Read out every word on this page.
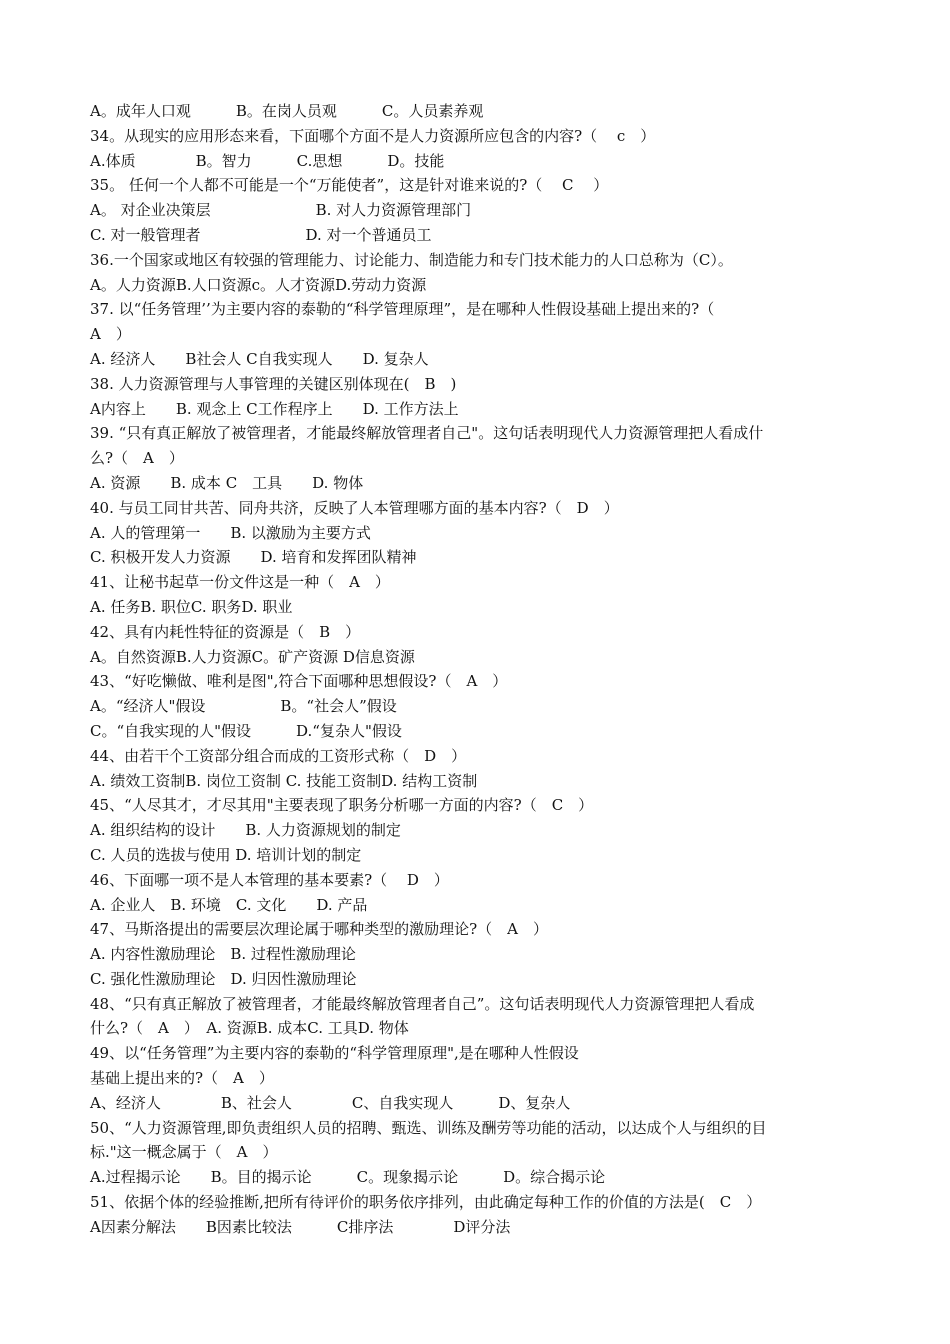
A。成年人口观　　　B。在岗人员观　　　C。人员素养观
34。从现实的应用形态来看，下面哪个方面不是人力资源所应包含的内容?（　 c　）
A.体质　　　　B。智力　　　C.思想　　　D。技能
35。 任何一个人都不可能是一个“万能使者”，这是针对谁来说的?（　 C　 ）
A。 对企业决策层　　　　　　　B. 对人力资源管理部门
C. 对一般管理者　　　　　　　D. 对一个普通员工
36.一个国家或地区有较强的管理能力、讨论能力、制造能力和专门技术能力的人口总称为（C）。
A。人力资源B.人口资源c。人才资源D.劳动力资源
37. 以“任务管理’’为主要内容的泰勒的“科学管理原理”，是在哪种人性假设基础上提出来的?（
A　）
A. 经济人　　B社会人 C自我实现人　　D. 复杂人
38. 人力资源管理与人事管理的关键区别体现在(　B　)
A内容上　　B. 观念上 C工作程序上　　D. 工作方法上
39. “只有真正解放了被管理者，才能最终解放管理者自己"。这句话表明现代人力资源管理把人看成什
么?（　A　）
A. 资源　　B. 成本 C　工具　　D. 物体
40. 与员工同甘共苦、同舟共济，反映了人本管理哪方面的基本内容?（　D　）
A. 人的管理第一　　B. 以激励为主要方式
C. 积极开发人力资源　　D. 培育和发挥团队精神
41、让秘书起草一份文件这是一种（　A　）
A. 任务B. 职位C. 职务D. 职业
42、具有内耗性特征的资源是（　B　）
A。自然资源B.人力资源C。矿产资源 D信息资源
43、“好吃懒做、唯利是图",符合下面哪种思想假设?（　A　）
A。“经济人"假设　　　　　B。“社会人”假设
C。“自我实现的人"假设　　　D.“复杂人"假设
44、由若干个工资部分组合而成的工资形式称（　D　）
A. 绩效工资制B. 岗位工资制 C. 技能工资制D. 结构工资制
45、“人尽其才，才尽其用"主要表现了职务分析哪一方面的内容?（　C　）
A. 组织结构的设计　　B. 人力资源规划的制定
C. 人员的选拔与使用 D. 培训计划的制定
46、下面哪一项不是人本管理的基本要素?（　 D　）
A. 企业人　B. 环境　C. 文化　　D. 产品
47、马斯洛提出的需要层次理论属于哪种类型的激励理论?（　A　）
A. 内容性激励理论　B. 过程性激励理论
C. 强化性激励理论　D. 归因性激励理论
48、“只有真正解放了被管理者，才能最终解放管理者自己”。这句话表明现代人力资源管理把人看成
什么?（　A　）　A. 资源B. 成本C. 工具D. 物体
49、以“任务管理”为主要内容的泰勒的“科学管理原理",是在哪种人性假设
基础上提出来的?（　A　）
A、经济人　　　　B、社会人　　　　C、自我实现人　　　D、复杂人
50、“人力资源管理,即负责组织人员的招聘、甄选、训练及酬劳等功能的活动，以达成个人与组织的目
标."这一概念属于（　A　）
A.过程揭示论　　B。目的揭示论　　　C。现象揭示论　　　D。综合揭示论
51、依据个体的经验推断,把所有待评价的职务依序排列，由此确定每种工作的价值的方法是(　C　）
A因素分解法　　B因素比较法　　　C排序法　　　　D评分法
